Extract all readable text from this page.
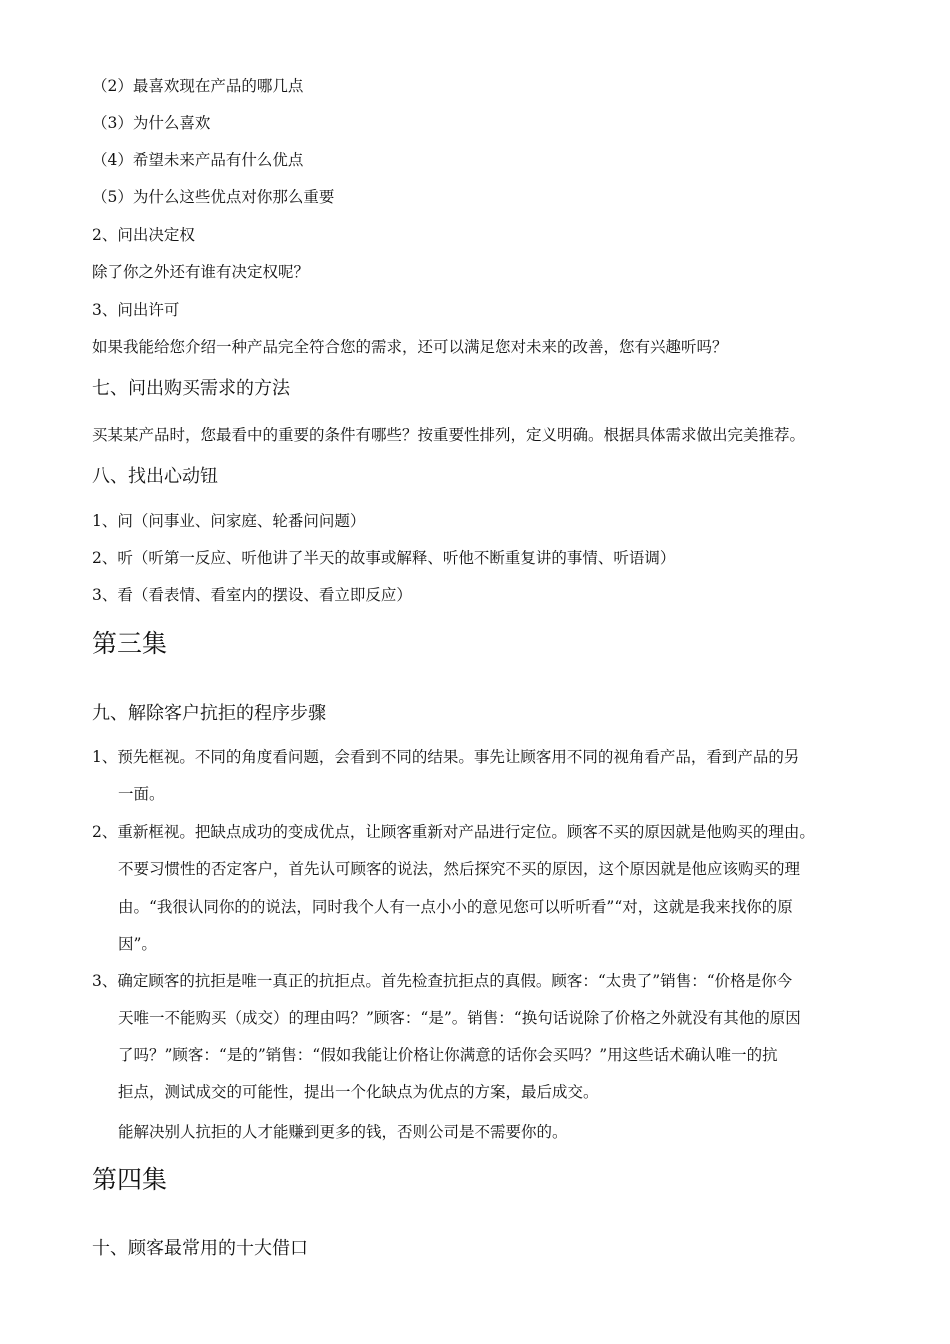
（2）最喜欢现在产品的哪几点
（3）为什么喜欢
（4）希望未来产品有什么优点
（5）为什么这些优点对你那么重要
2、问出决定权
除了你之外还有谁有决定权呢？
3、问出许可
如果我能给您介绍一种产品完全符合您的需求，还可以满足您对未来的改善，您有兴趣听吗？
七、问出购买需求的方法
买某某产品时，您最看中的重要的条件有哪些？按重要性排列，定义明确。根据具体需求做出完美推荐。
八、找出心动钮
1、问（问事业、问家庭、轮番问问题）
2、听（听第一反应、听他讲了半天的故事或解释、听他不断重复讲的事情、听语调）
3、看（看表情、看室内的摆设、看立即反应）
第三集
九、解除客户抗拒的程序步骤
1、预先框视。不同的角度看问题，会看到不同的结果。事先让顾客用不同的视角看产品，看到产品的另
一面。
2、重新框视。把缺点成功的变成优点，让顾客重新对产品进行定位。顾客不买的原因就是他购买的理由。
不要习惯性的否定客户，首先认可顾客的说法，然后探究不买的原因，这个原因就是他应该购买的理
由。“我很认同你的的说法，同时我个人有一点小小的意见您可以听听看”“对，这就是我来找你的原
因”。
3、确定顾客的抗拒是唯一真正的抗拒点。首先检查抗拒点的真假。顾客：“太贵了”销售：“价格是你今
天唯一不能购买（成交）的理由吗？”顾客：“是”。销售：“换句话说除了价格之外就没有其他的原因
了吗？”顾客：“是的”销售：“假如我能让价格让你满意的话你会买吗？”用这些话术确认唯一的抗
拒点，测试成交的可能性，提出一个化缺点为优点的方案，最后成交。
能解决别人抗拒的人才能赚到更多的钱，否则公司是不需要你的。
第四集
十、顾客最常用的十大借口
